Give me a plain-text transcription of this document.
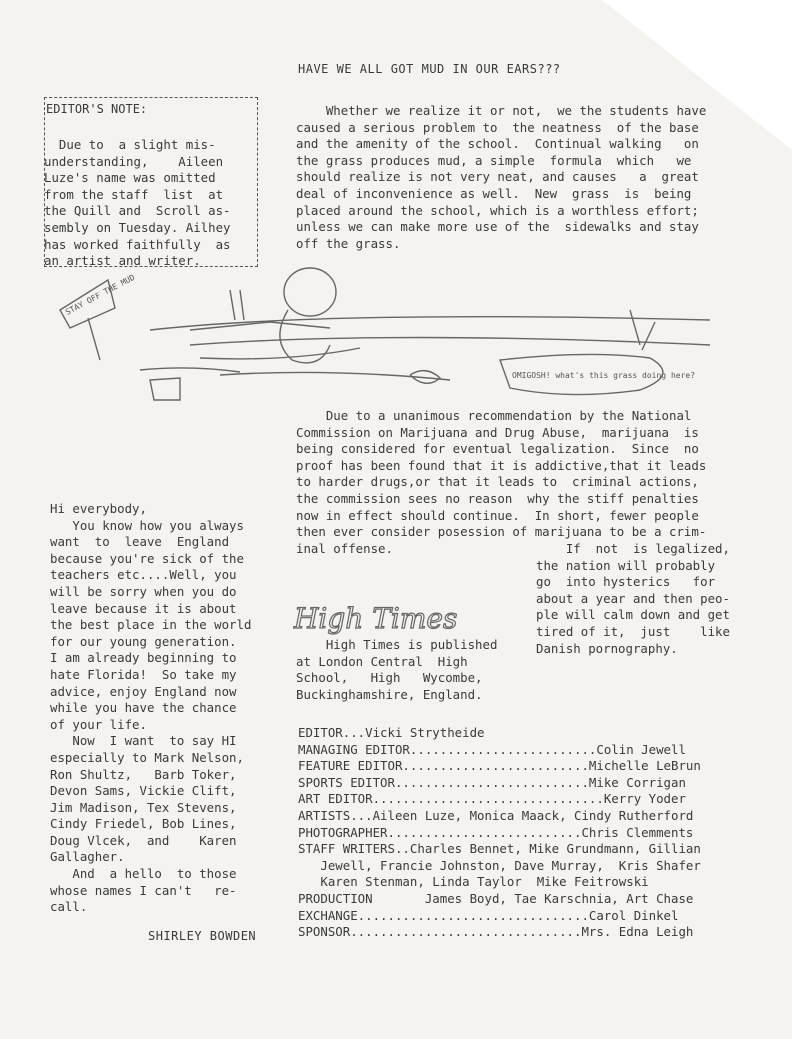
HAVE WE ALL GOT MUD IN OUR EARS???
EDITOR'S NOTE:
Due to  a slight mis-
understanding,    Aileen
Luze's name was omitted
from the staff  list  at
the Quill and  Scroll as-
sembly on Tuesday. Ailhey
has worked faithfully  as
an artist and writer.
Whether we realize it or not,  we the students have
caused a serious problem to  the neatness  of the base
and the amenity of the school.  Continual walking   on
the grass produces mud, a simple  formula  which   we
should realize is not very neat, and causes   a  great
deal of inconvenience as well.  New  grass  is  being
placed around the school, which is a worthless effort;
unless we can make more use of the  sidewalks and stay
off the grass.
STAY OFF THE MUD
OMIGOSH! what's this grass doing here?
Due to a unanimous recommendation by the National
Commission on Marijuana and Drug Abuse,  marijuana  is
being considered for eventual legalization.  Since  no
proof has been found that it is addictive,that it leads
to harder drugs,or that it leads to  criminal actions,
the commission sees no reason  why the stiff penalties
now in effect should continue.  In short, fewer people
then ever consider posession of marijuana to be a crim-
inal offense.	If  not  is legalized,
the nation will probably
go  into hysterics   for
about a year and then peo-
ple will calm down and get
tired of it,  just    like
Danish pornography.
Hi everybody,
You know how you always
want  to  leave  England
because you're sick of the
teachers etc....Well, you
will be sorry when you do
leave because it is about
the best place in the world
for our young generation.
I am already beginning to
hate Florida!  So take my
advice, enjoy England now
while you have the chance
of your life.
Now  I want  to say HI
especially to Mark Nelson,
Ron Shultz,   Barb Toker,
Devon Sams, Vickie Clift,
Jim Madison, Tex Stevens,
Cindy Friedel, Bob Lines,
Doug Vlcek,  and    Karen
Gallagher.
And  a hello  to those
whose names I can't   re-
call.
SHIRLEY BOWDEN
High Times
High Times is published
at London Central  High
School,   High   Wycombe,
Buckinghamshire, England.
EDITOR...Vicki Strytheide
MANAGING EDITOR.........................Colin Jewell
FEATURE EDITOR.........................Michelle LeBrun
SPORTS EDITOR..........................Mike Corrigan
ART EDITOR...............................Kerry Yoder
ARTISTS...Aileen Luze, Monica Maack, Cindy Rutherford
PHOTOGRAPHER..........................Chris Clemments
STAFF WRITERS..Charles Bennet, Mike Grundmann, Gillian
Jewell, Francie Johnston, Dave Murray,  Kris Shafer
Karen Stenman, Linda Taylor  Mike Feitrowski
PRODUCTION       James Boyd, Tae Karschnia, Art Chase
EXCHANGE...............................Carol Dinkel
SPONSOR...............................Mrs. Edna Leigh
